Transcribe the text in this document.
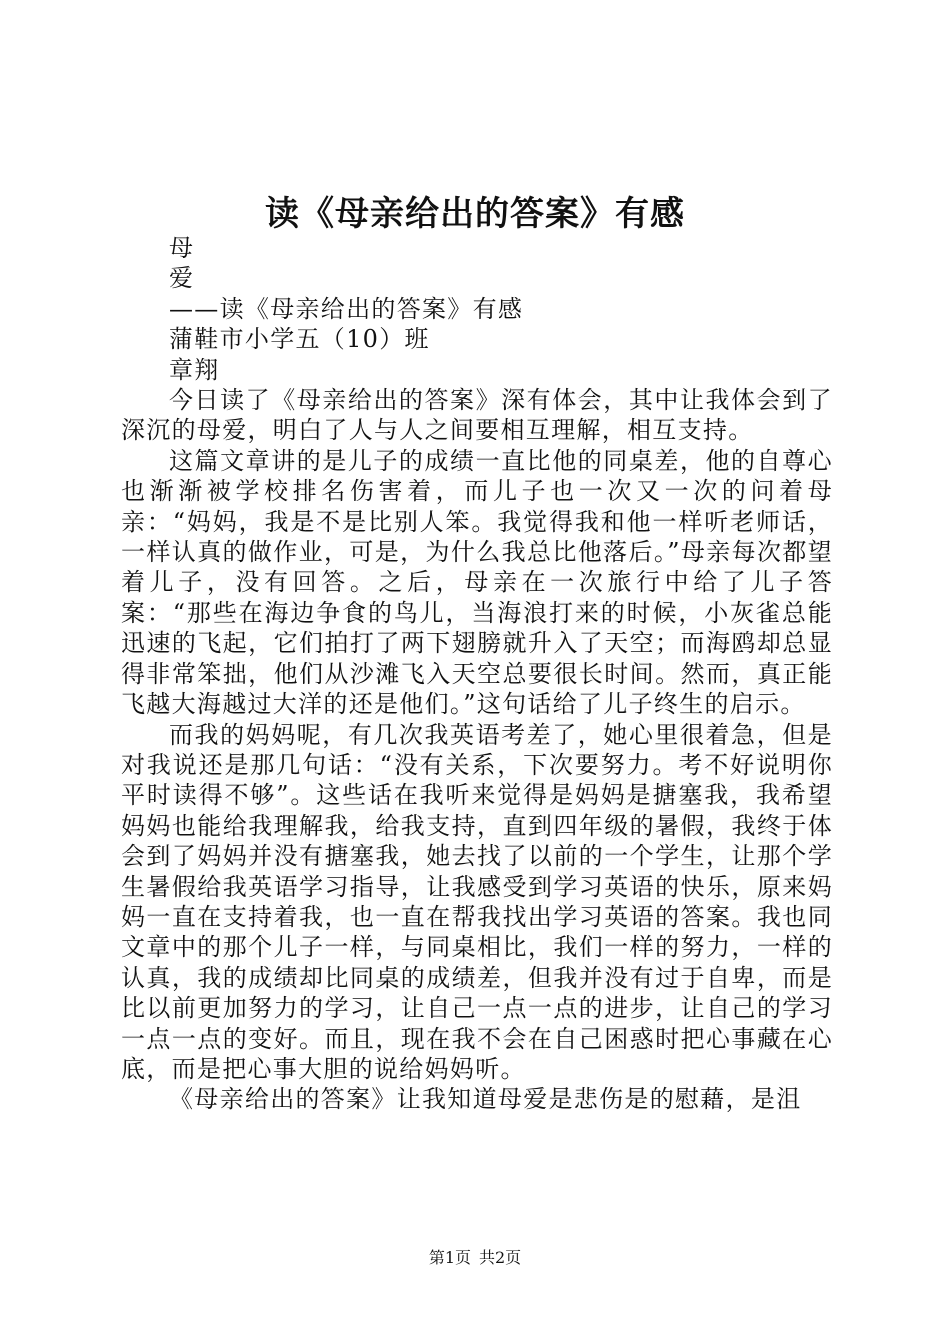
读《母亲给出的答案》有感

母

爱

——读《母亲给出的答案》有感

蒲鞋市小学五（10）班

章翔

今日读了《母亲给出的答案》深有体会，其中让我体会到了深沉的母爱，明白了人与人之间要相互理解，相互支持。

这篇文章讲的是儿子的成绩一直比他的同桌差，他的自尊心也渐渐被学校排名伤害着，而儿子也一次又一次的问着母亲：“妈妈，我是不是比别人笨。我觉得我和他一样听老师话，一样认真的做作业，可是，为什么我总比他落后。”母亲每次都望着儿子，没有回答。之后，母亲在一次旅行中给了儿子答案：“那些在海边争食的鸟儿，当海浪打来的时候，小灰雀总能迅速的飞起，它们拍打了两下翅膀就升入了天空；而海鸥却总显得非常笨拙，他们从沙滩飞入天空总要很长时间。然而，真正能飞越大海越过大洋的还是他们。”这句话给了儿子终生的启示。

而我的妈妈呢，有几次我英语考差了，她心里很着急，但是对我说还是那几句话：“没有关系，下次要努力。考不好说明你平时读得不够”。这些话在我听来觉得是妈妈是搪塞我，我希望妈妈也能给我理解我，给我支持，直到四年级的暑假，我终于体会到了妈妈并没有搪塞我，她去找了以前的一个学生，让那个学生暑假给我英语学习指导，让我感受到学习英语的快乐，原来妈妈一直在支持着我，也一直在帮我找出学习英语的答案。我也同文章中的那个儿子一样，与同桌相比，我们一样的努力，一样的认真，我的成绩却比同桌的成绩差，但我并没有过于自卑，而是比以前更加努力的学习，让自己一点一点的进步，让自己的学习一点一点的变好。而且，现在我不会在自己困惑时把心事藏在心底，而是把心事大胆的说给妈妈听。

《母亲给出的答案》让我知道母爱是悲伤是的慰藉，是沮

第1页 共2页
